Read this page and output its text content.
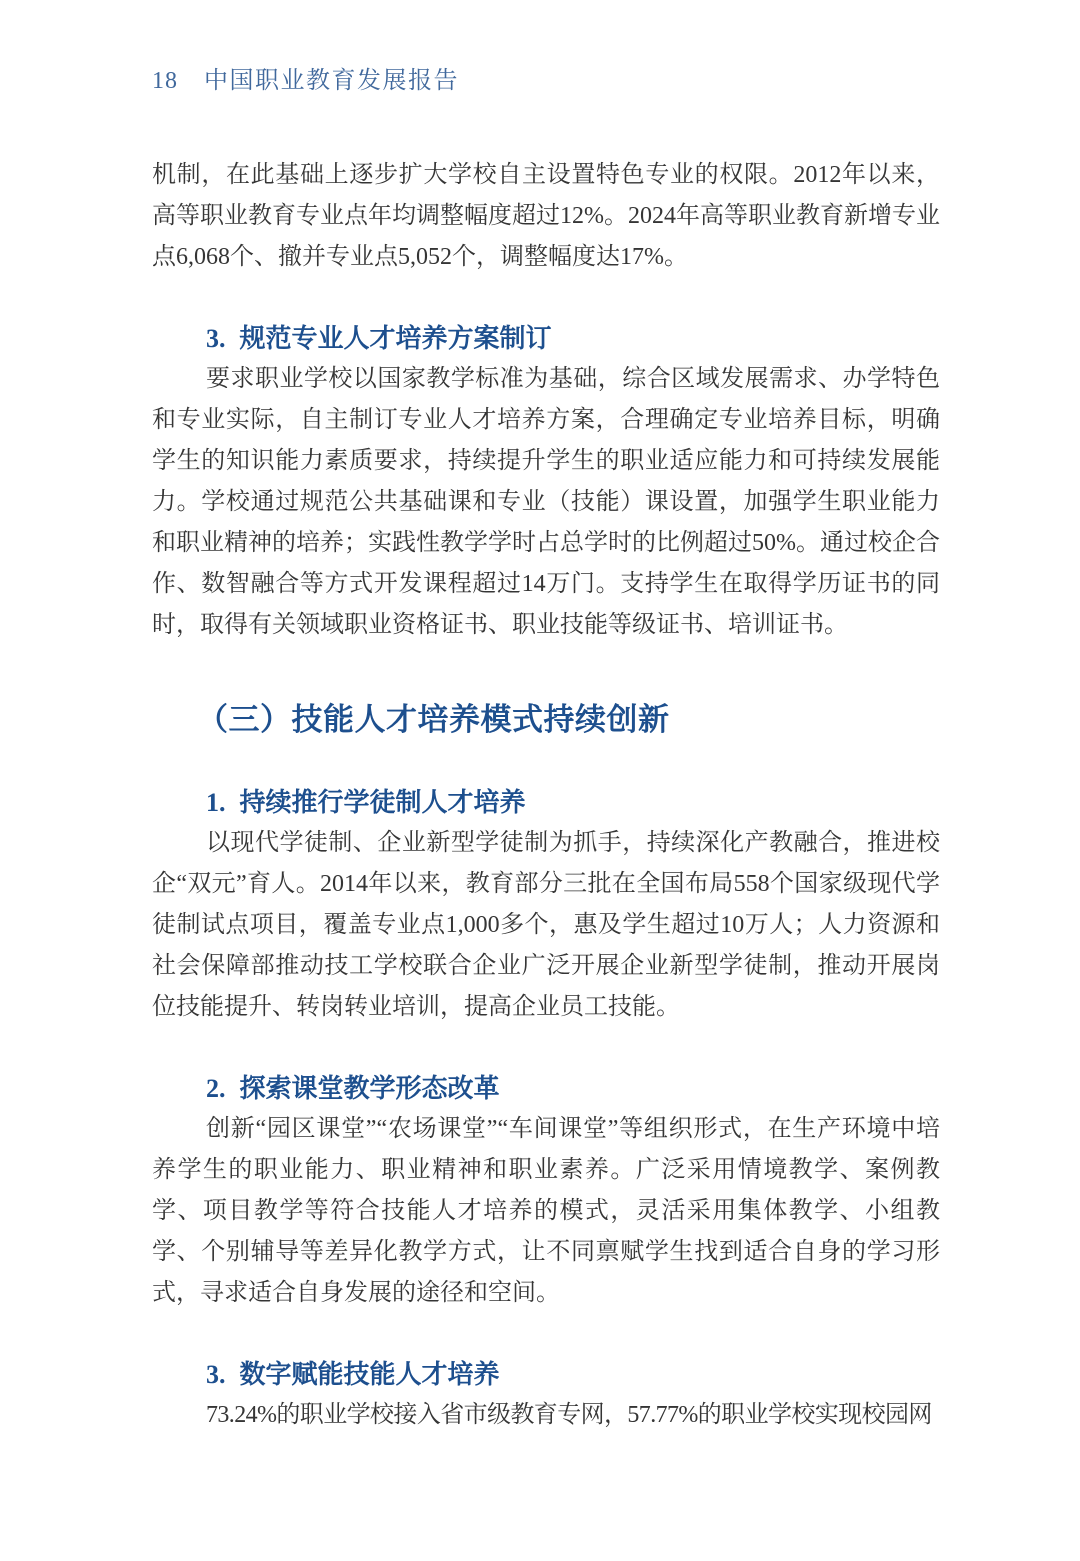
18 中国职业教育发展报告

机制，在此基础上逐步扩大学校自主设置特色专业的权限。2012年以来，高等职业教育专业点年均调整幅度超过12%。2024年高等职业教育新增专业点6,068个、撤并专业点5,052个，调整幅度达17%。

3. 规范专业人才培养方案制订

要求职业学校以国家教学标准为基础，综合区域发展需求、办学特色和专业实际，自主制订专业人才培养方案，合理确定专业培养目标，明确学生的知识能力素质要求，持续提升学生的职业适应能力和可持续发展能力。学校通过规范公共基础课和专业（技能）课设置，加强学生职业能力和职业精神的培养；实践性教学学时占总学时的比例超过50%。通过校企合作、数智融合等方式开发课程超过14万门。支持学生在取得学历证书的同时，取得有关领域职业资格证书、职业技能等级证书、培训证书。

（三）技能人才培养模式持续创新
1. 持续推行学徒制人才培养

以现代学徒制、企业新型学徒制为抓手，持续深化产教融合，推进校企“双元”育人。2014年以来，教育部分三批在全国布局558个国家级现代学徒制试点项目，覆盖专业点1,000多个，惠及学生超过10万人；人力资源和社会保障部推动技工学校联合企业广泛开展企业新型学徒制，推动开展岗位技能提升、转岗转业培训，提高企业员工技能。

2. 探索课堂教学形态改革

创新“园区课堂”“农场课堂”“车间课堂”等组织形式，在生产环境中培养学生的职业能力、职业精神和职业素养。广泛采用情境教学、案例教学、项目教学等符合技能人才培养的模式，灵活采用集体教学、小组教学、个别辅导等差异化教学方式，让不同禀赋学生找到适合自身的学习形式，寻求适合自身发展的途径和空间。

3. 数字赋能技能人才培养

73.24%的职业学校接入省市级教育专网，57.77%的职业学校实现校园网
